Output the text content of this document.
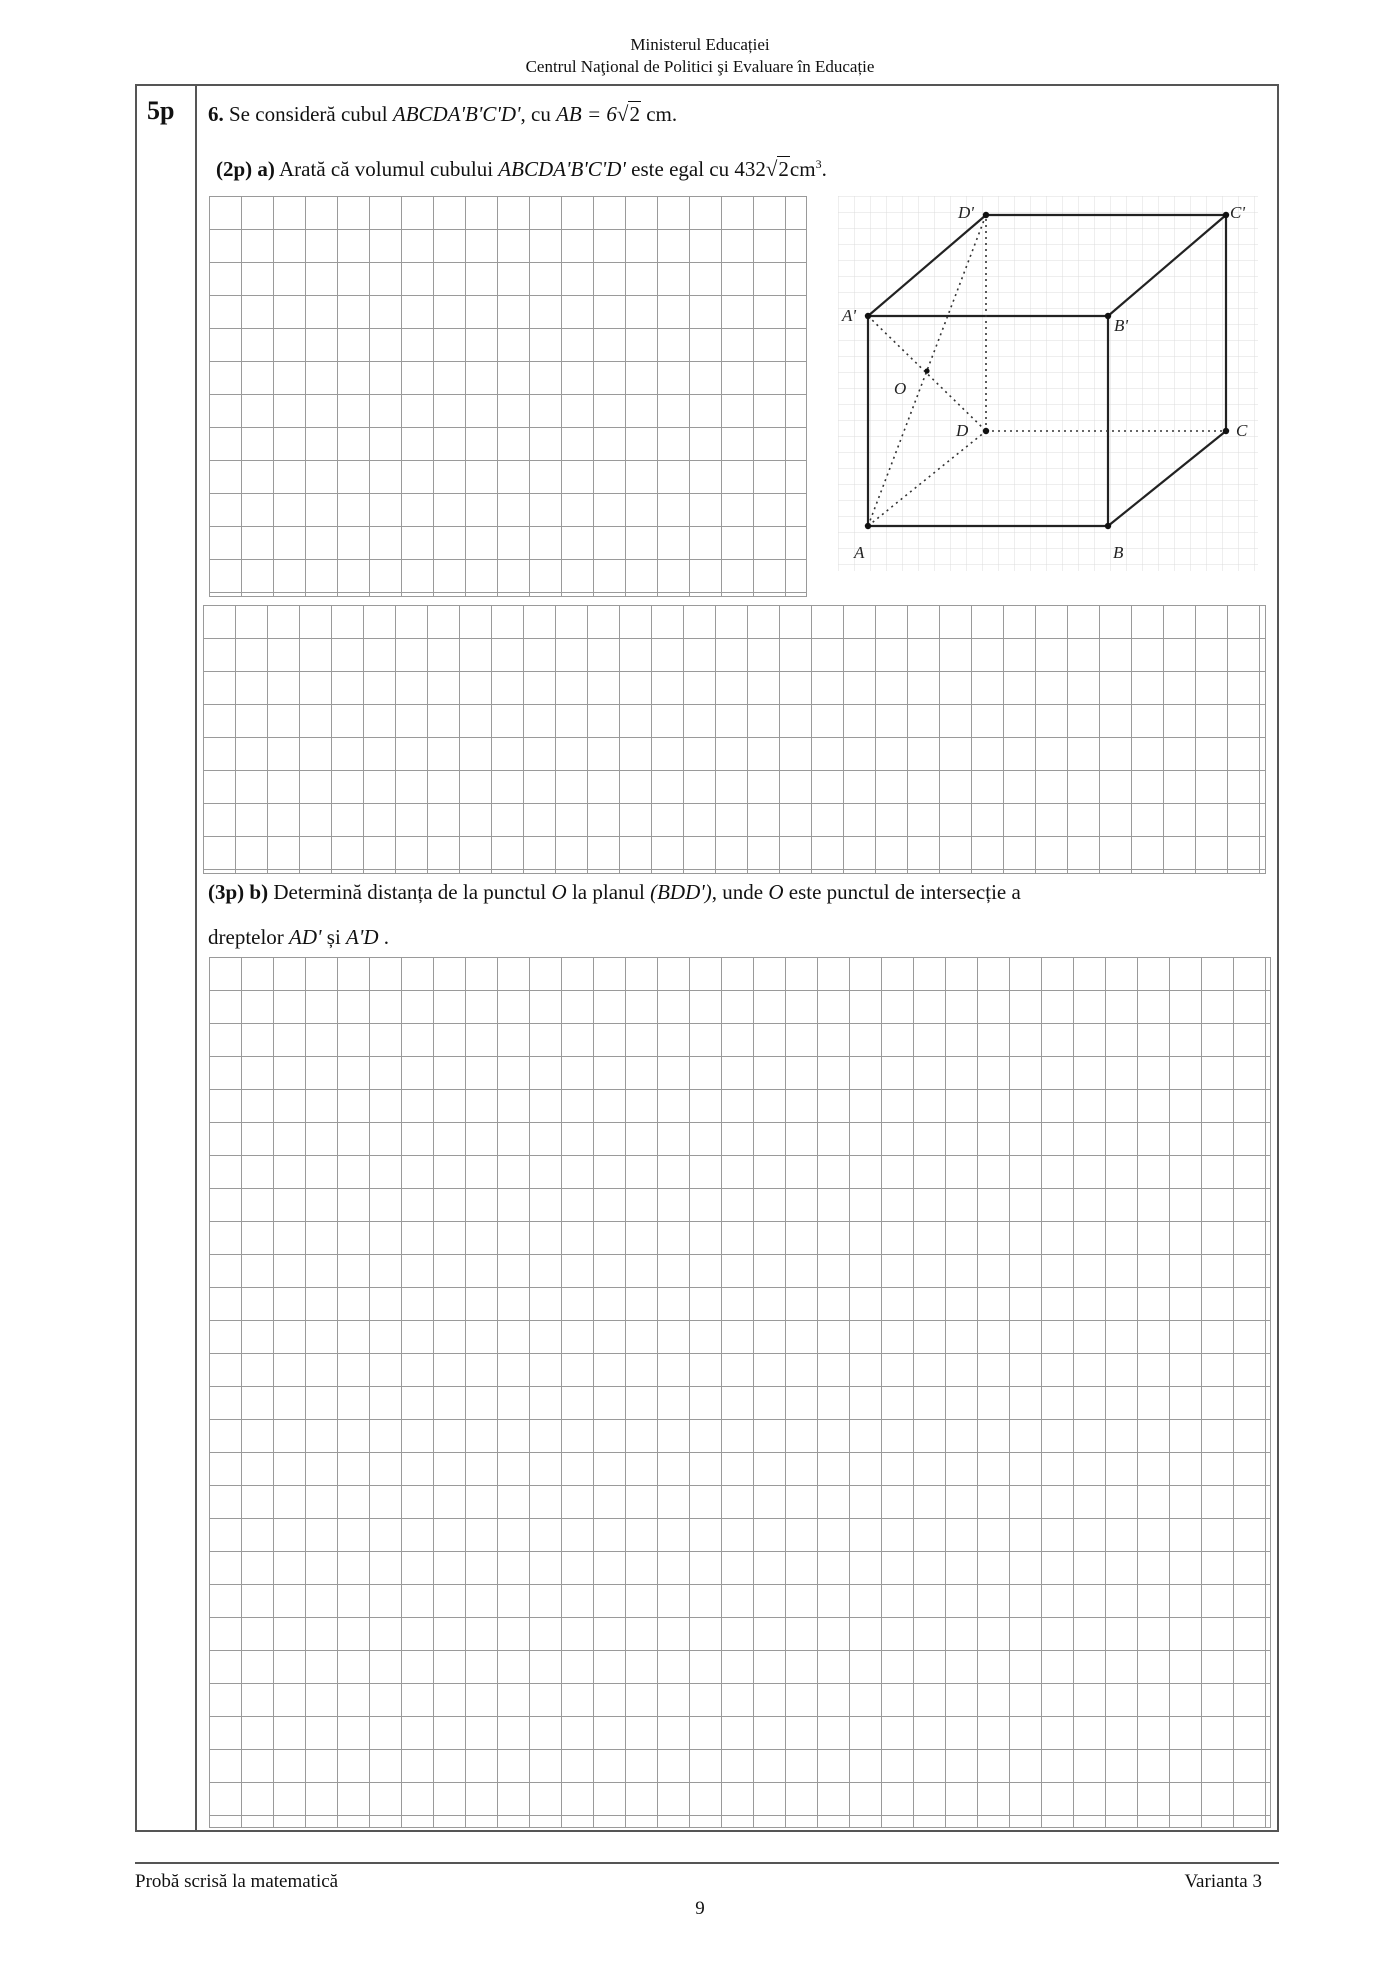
Ministerul Educației
Centrul Naţional de Politici şi Evaluare în Educație
5p 6. Se consideră cubul ABCDA'B'C'D', cu AB = 6√2 cm.
(2p) a) Arată că volumul cubului ABCDA'B'C'D' este egal cu $432√2cm^3$.
A	B
C
D
A'
B'
C'
D'
O
(3p) b) Determină distanța de la punctul O la planul (BDD'), unde O este punctul de intersecție a
dreptelor AD' și A'D .
Probă scrisă la matematică	Varianta 3
9
